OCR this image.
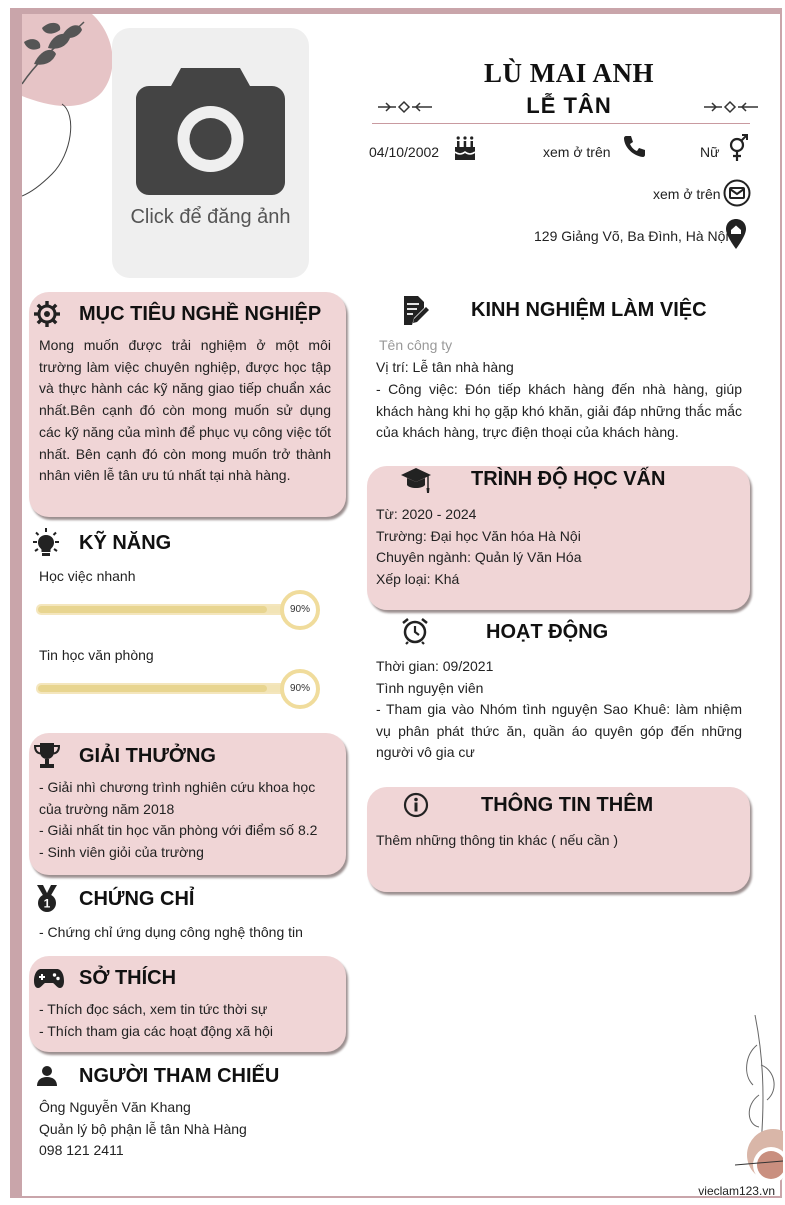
Click để đăng ảnh
LÙ MAI ANH
LỄ TÂN
04/10/2002	xem ở trên	Nữ
xem ở trên
129 Giảng Võ, Ba Đình, Hà Nội
MỤC TIÊU NGHỀ NGHIỆP
Mong muốn được trải nghiệm ở một môi trường làm việc chuyên nghiệp, được học tập và thực hành các kỹ năng giao tiếp chuẩn xác nhất.Bên cạnh đó còn mong muốn sử dụng các kỹ năng của mình để phục vụ công việc tốt nhất. Bên cạnh đó còn mong muốn trở thành nhân viên lễ tân ưu tú nhất tại nhà hàng.
KỸ NĂNG
Học việc nhanh
90%
Tin học văn phòng
90%
GIẢI THƯỞNG
- Giải nhì chương trình nghiên cứu khoa học của trường năm 2018
- Giải nhất tin học văn phòng với điểm số 8.2
- Sinh viên giỏi của trường
1 CHỨNG CHỈ
- Chứng chỉ ứng dụng công nghệ thông tin
SỞ THÍCH
- Thích đọc sách, xem tin tức thời sự
- Thích tham gia các hoạt động xã hội
NGƯỜI THAM CHIẾU
Ông Nguyễn Văn Khang
Quản lý bộ phận lễ tân Nhà Hàng
098 121 2411
KINH NGHIỆM LÀM VIỆC
Tên công ty
Vị trí: Lễ tân nhà hàng
- Công việc: Đón tiếp khách hàng đến nhà hàng, giúp khách hàng khi họ gặp khó khăn, giải đáp những thắc mắc của khách hàng, trực điện thoại của khách hàng.
TRÌNH ĐỘ HỌC VẤN
Từ: 2020 - 2024
Trường: Đại học Văn hóa Hà Nội
Chuyên ngành: Quản lý Văn Hóa
Xếp loại: Khá
HOẠT ĐỘNG
Thời gian: 09/2021
Tình nguyện viên
- Tham gia vào Nhóm tình nguyện Sao Khuê: làm nhiệm vụ phân phát thức ăn, quần áo quyên góp đến những người vô gia cư
THÔNG TIN THÊM
Thêm những thông tin khác ( nếu cần )
vieclam123.vn
